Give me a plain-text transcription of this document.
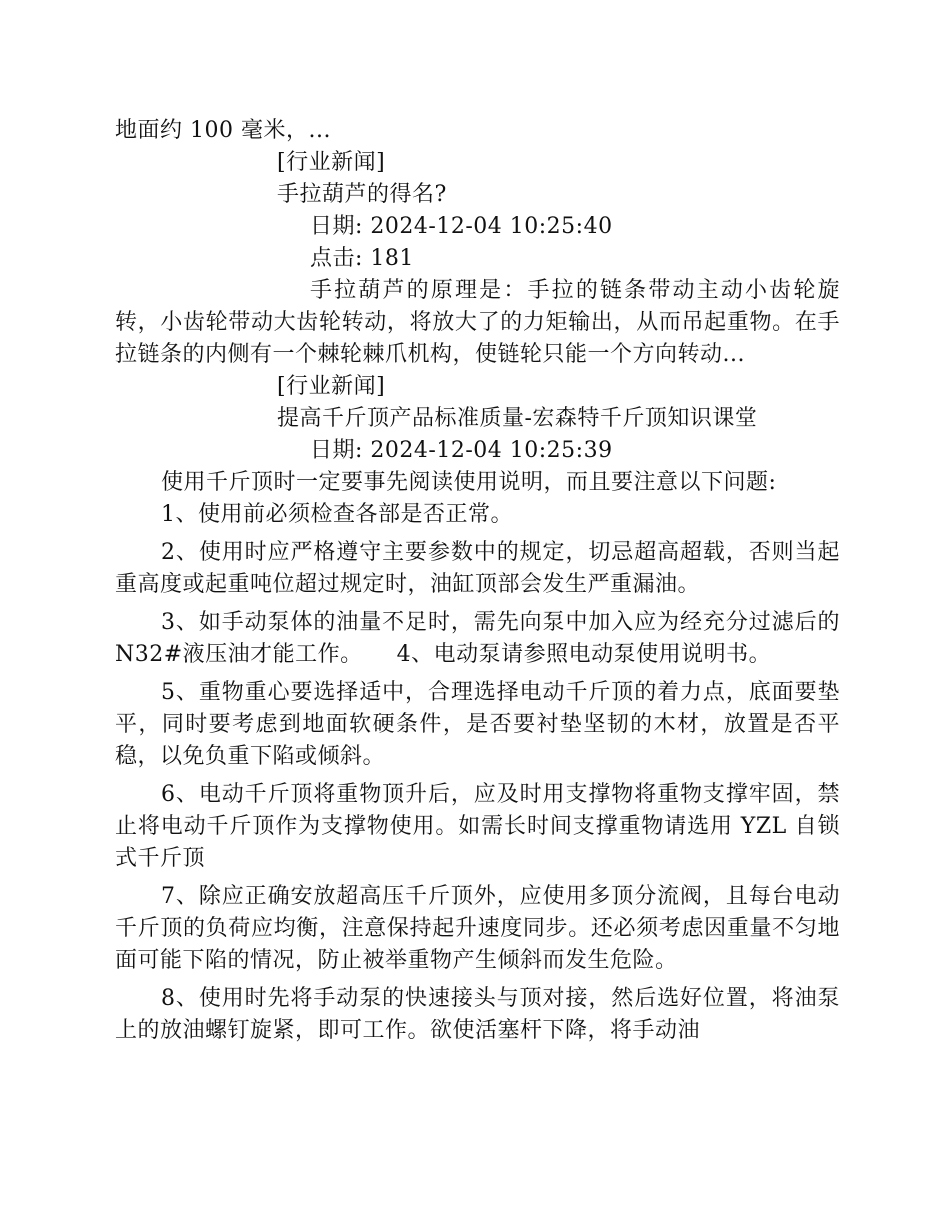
地面约 100 毫米，...
[行业新闻]
手拉葫芦的得名?
日期: 2024-12-04 10:25:40
点击: 181
手拉葫芦的原理是：手拉的链条带动主动小齿轮旋转，小齿轮带动大齿轮转动，将放大了的力矩输出，从而吊起重物。在手拉链条的内侧有一个棘轮棘爪机构，使链轮只能一个方向转动...
[行业新闻]
提高千斤顶产品标准质量-宏森特千斤顶知识课堂
日期: 2024-12-04 10:25:39
使用千斤顶时一定要事先阅读使用说明，而且要注意以下问题:
1、使用前必须检查各部是否正常。
2、使用时应严格遵守主要参数中的规定，切忌超高超载，否则当起重高度或起重吨位超过规定时，油缸顶部会发生严重漏油。
3、如手动泵体的油量不足时，需先向泵中加入应为经充分过滤后的 N32#液压油才能工作。　　4、电动泵请参照电动泵使用说明书。
5、重物重心要选择适中，合理选择电动千斤顶的着力点，底面要垫平，同时要考虑到地面软硬条件，是否要衬垫坚韧的木材，放置是否平稳，以免负重下陷或倾斜。
6、电动千斤顶将重物顶升后，应及时用支撑物将重物支撑牢固，禁止将电动千斤顶作为支撑物使用。如需长时间支撑重物请选用 YZL 自锁式千斤顶
7、除应正确安放超高压千斤顶外，应使用多顶分流阀，且每台电动千斤顶的负荷应均衡，注意保持起升速度同步。还必须考虑因重量不匀地面可能下陷的情况，防止被举重物产生倾斜而发生危险。
8、使用时先将手动泵的快速接头与顶对接，然后选好位置，将油泵上的放油螺钉旋紧，即可工作。欲使活塞杆下降，将手动油
